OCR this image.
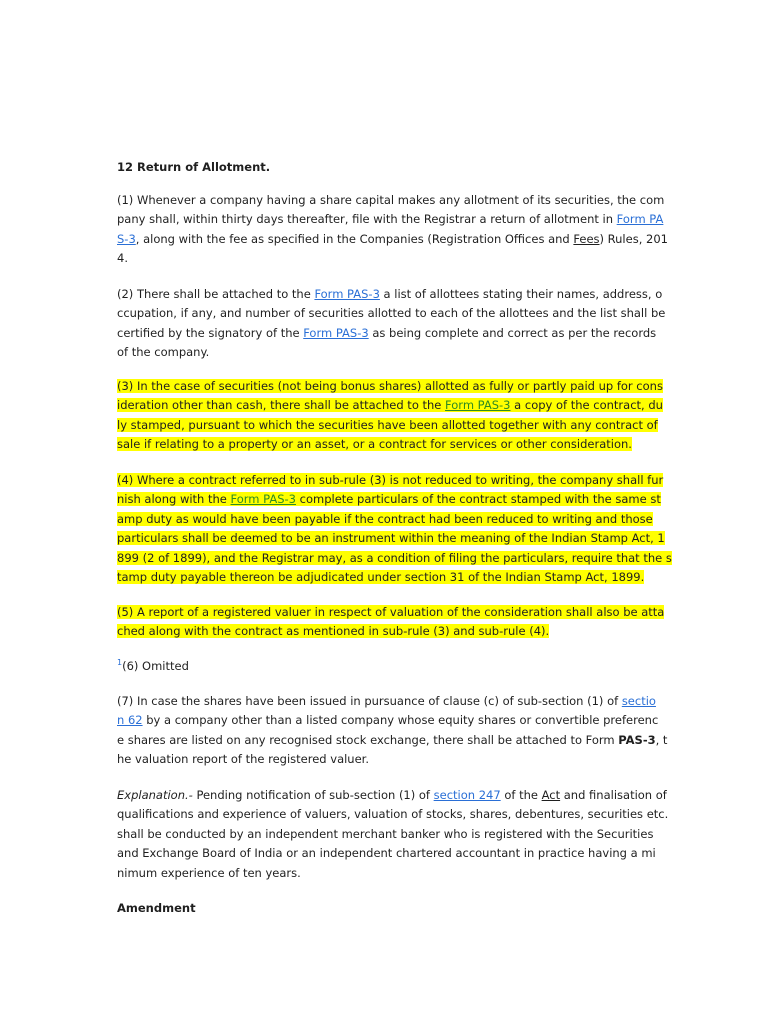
12 Return of Allotment.
(1) Whenever a company having a share capital makes any allotment of its securities, the com
pany shall, within thirty days thereafter, file with the Registrar a return of allotment in Form PA
S-3, along with the fee as specified in the Companies (Registration Offices and Fees) Rules, 201
4.
(2) There shall be attached to the Form PAS-3 a list of allottees stating their names, address, o
ccupation, if any, and number of securities allotted to each of the allottees and the list shall be
certified by the signatory of the Form PAS-3 as being complete and correct as per the records
of the company.
(3) In the case of securities (not being bonus shares) allotted as fully or partly paid up for cons
ideration other than cash, there shall be attached to the Form PAS-3 a copy of the contract, du
ly stamped, pursuant to which the securities have been allotted together with any contract of
sale if relating to a property or an asset, or a contract for services or other consideration.
(4) Where a contract referred to in sub-rule (3) is not reduced to writing, the company shall fur
nish along with the Form PAS-3 complete particulars of the contract stamped with the same st
amp duty as would have been payable if the contract had been reduced to writing and those
particulars shall be deemed to be an instrument within the meaning of the Indian Stamp Act, 1
899 (2 of 1899), and the Registrar may, as a condition of filing the particulars, require that the s
tamp duty payable thereon be adjudicated under section 31 of the Indian Stamp Act, 1899.
(5) A report of a registered valuer in respect of valuation of the consideration shall also be atta
ched along with the contract as mentioned in sub-rule (3) and sub-rule (4).
$^1$(6) Omitted
(7) In case the shares have been issued in pursuance of clause (c) of sub-section (1) of sectio
n 62 by a company other than a listed company whose equity shares or convertible preferenc
e shares are listed on any recognised stock exchange, there shall be attached to Form PAS-3, t
he valuation report of the registered valuer.
Explanation.- Pending notification of sub-section (1) of section 247 of the Act and finalisation of
qualifications and experience of valuers, valuation of stocks, shares, debentures, securities etc.
shall be conducted by an independent merchant banker who is registered with the Securities
and Exchange Board of India or an independent chartered accountant in practice having a mi
nimum experience of ten years.
Amendment
